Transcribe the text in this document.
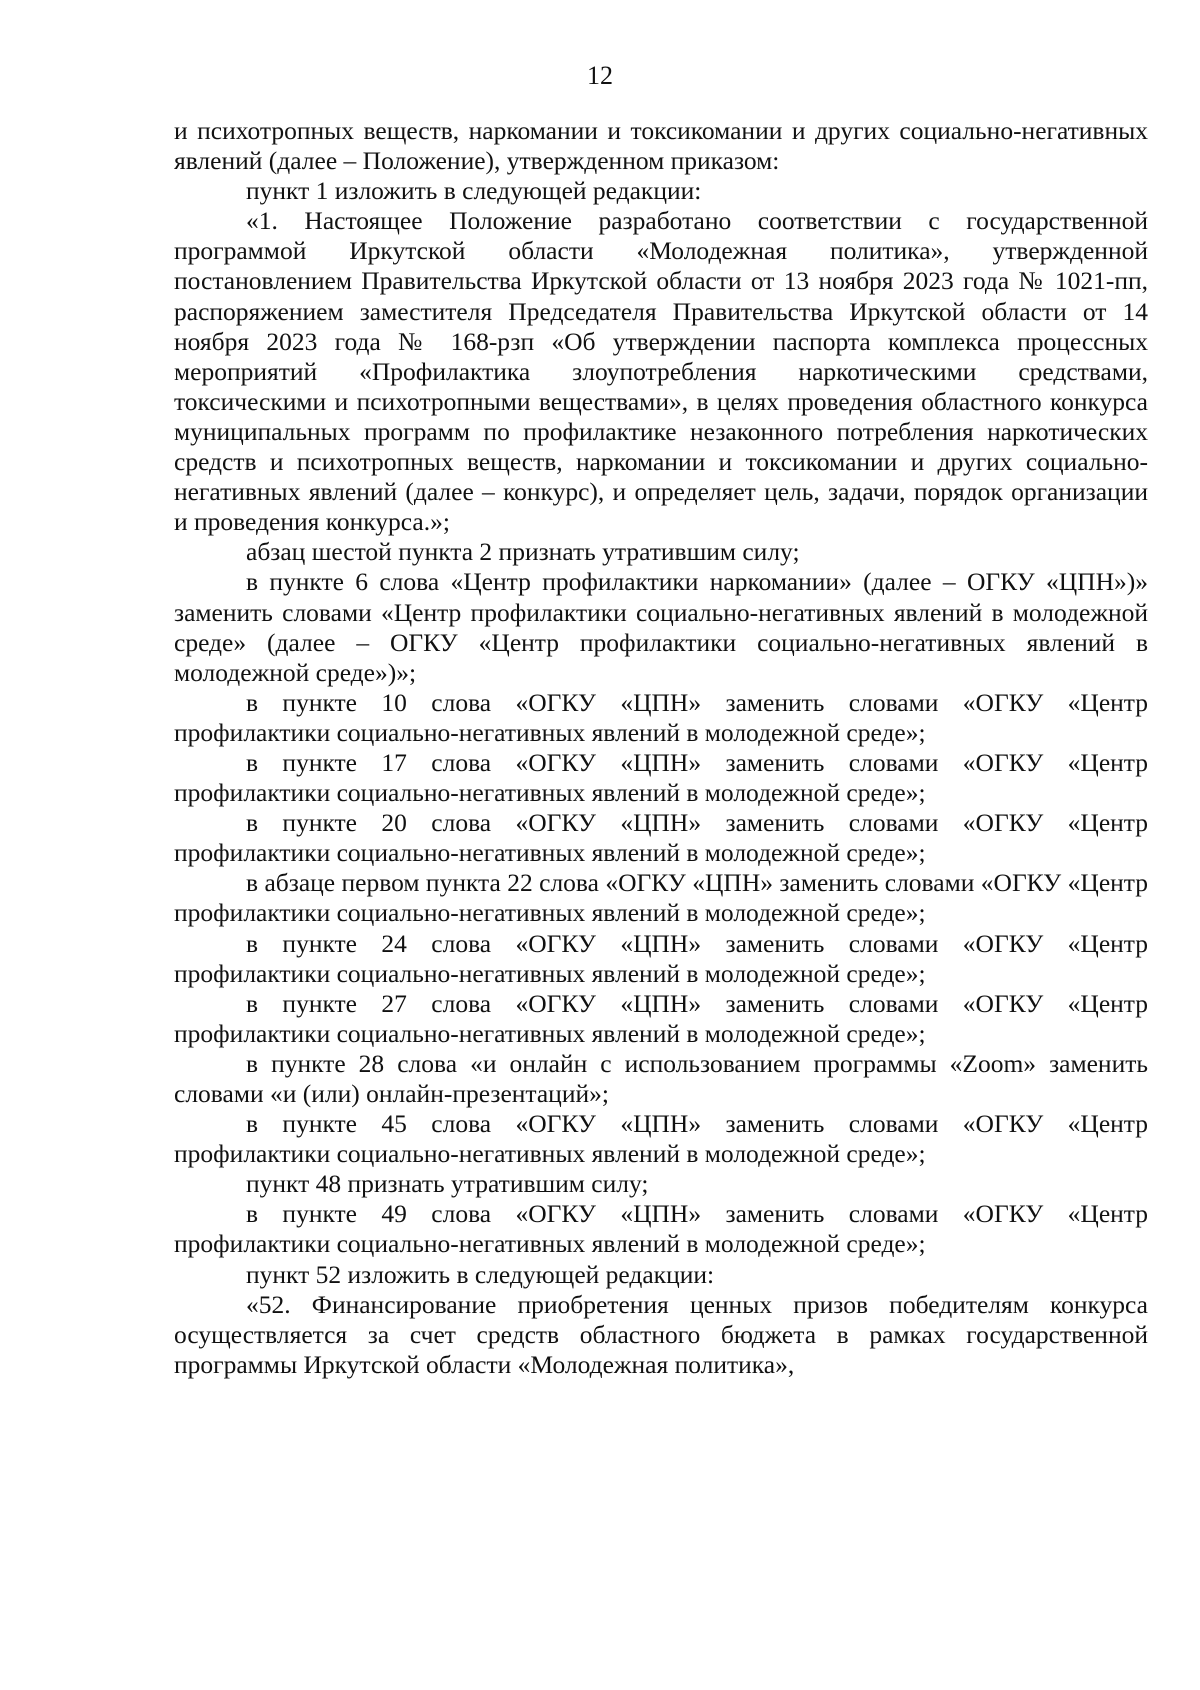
12

и психотропных веществ, наркомании и токсикомании и других социально-негативных явлений (далее – Положение), утвержденном приказом:

пункт 1 изложить в следующей редакции:

«1. Настоящее Положение разработано соответствии с государственной программой Иркутской области «Молодежная политика», утвержденной постановлением Правительства Иркутской области от 13 ноября 2023 года № 1021-пп, распоряжением заместителя Председателя Правительства Иркутской области от 14 ноября 2023 года № 168-рзп «Об утверждении паспорта комплекса процессных мероприятий «Профилактика злоупотребления наркотическими средствами, токсическими и психотропными веществами», в целях проведения областного конкурса муниципальных программ по профилактике незаконного потребления наркотических средств и психотропных веществ, наркомании и токсикомании и других социально-негативных явлений (далее – конкурс), и определяет цель, задачи, порядок организации и проведения конкурса.»;

абзац шестой пункта 2 признать утратившим силу;

в пункте 6 слова «Центр профилактики наркомании» (далее – ОГКУ «ЦПН»)» заменить словами «Центр профилактики социально-негативных явлений в молодежной среде» (далее – ОГКУ «Центр профилактики социально-негативных явлений в молодежной среде»)»;

в пункте 10 слова «ОГКУ «ЦПН» заменить словами «ОГКУ «Центр профилактики социально-негативных явлений в молодежной среде»;

в пункте 17 слова «ОГКУ «ЦПН» заменить словами «ОГКУ «Центр профилактики социально-негативных явлений в молодежной среде»;

в пункте 20 слова «ОГКУ «ЦПН» заменить словами «ОГКУ «Центр профилактики социально-негативных явлений в молодежной среде»;

в абзаце первом пункта 22 слова «ОГКУ «ЦПН» заменить словами «ОГКУ «Центр профилактики социально-негативных явлений в молодежной среде»;

в пункте 24 слова «ОГКУ «ЦПН» заменить словами «ОГКУ «Центр профилактики социально-негативных явлений в молодежной среде»;

в пункте 27 слова «ОГКУ «ЦПН» заменить словами «ОГКУ «Центр профилактики социально-негативных явлений в молодежной среде»;

в пункте 28 слова «и онлайн с использованием программы «Zoom» заменить словами «и (или) онлайн-презентаций»;

в пункте 45 слова «ОГКУ «ЦПН» заменить словами «ОГКУ «Центр профилактики социально-негативных явлений в молодежной среде»;

пункт 48 признать утратившим силу;

в пункте 49 слова «ОГКУ «ЦПН» заменить словами «ОГКУ «Центр профилактики социально-негативных явлений в молодежной среде»;

пункт 52 изложить в следующей редакции:

«52. Финансирование приобретения ценных призов победителям конкурса осуществляется за счет средств областного бюджета в рамках государственной программы Иркутской области «Молодежная политика»,
